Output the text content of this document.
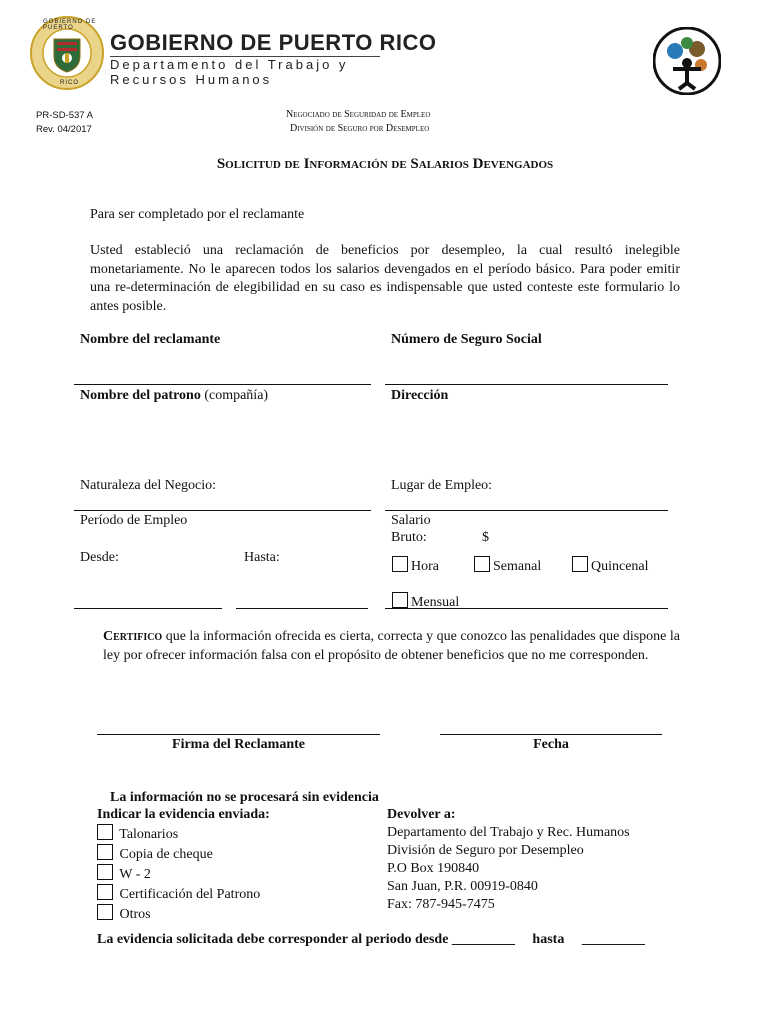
GOBIERNO DE PUERTO
RICO
GOBIERNO DE PUERTO RICO
Departamento del Trabajo y
Recursos Humanos
PR-SD-537 A
Rev. 04/2017
Negociado de Seguridad de Empleo
División de Seguro por Desempleo
Solicitud de Información de Salarios Devengados
Para ser completado por el reclamante

Usted estableció una reclamación de beneficios por desempleo, la cual resultó inelegible monetariamente. No le aparecen todos los salarios devengados en el período básico. Para poder emitir una re-determinación de elegibilidad en su caso es indispensable que usted conteste este formulario lo antes posible.

Nombre del reclamante	Número de Seguro Social
Nombre del patrono (compañía)	Dirección
Naturaleza del Negocio:	Lugar de Empleo:
Período de Empleo	Salario
Bruto:	$
Desde:	Hasta:
Hora	Semanal	Quincenal
Mensual

Certifico que la información ofrecida es cierta, correcta y que conozco las penalidades que dispone la ley por ofrecer información falsa con el propósito de obtener beneficios que no me corresponden.

Firma del Reclamante	Fecha
La información no se procesará sin evidencia
Indicar la evidencia enviada:
Talonarios
Copia de cheque
W - 2
Certificación del Patrono
Otros
Devolver a:
Departamento del Trabajo y Rec. Humanos
División de Seguro por Desempleo
P.O Box 190840
San Juan, P.R. 00919-0840
Fax: 787-945-7475
La evidencia solicitada debe corresponder al periodo desde _________ hasta _________
